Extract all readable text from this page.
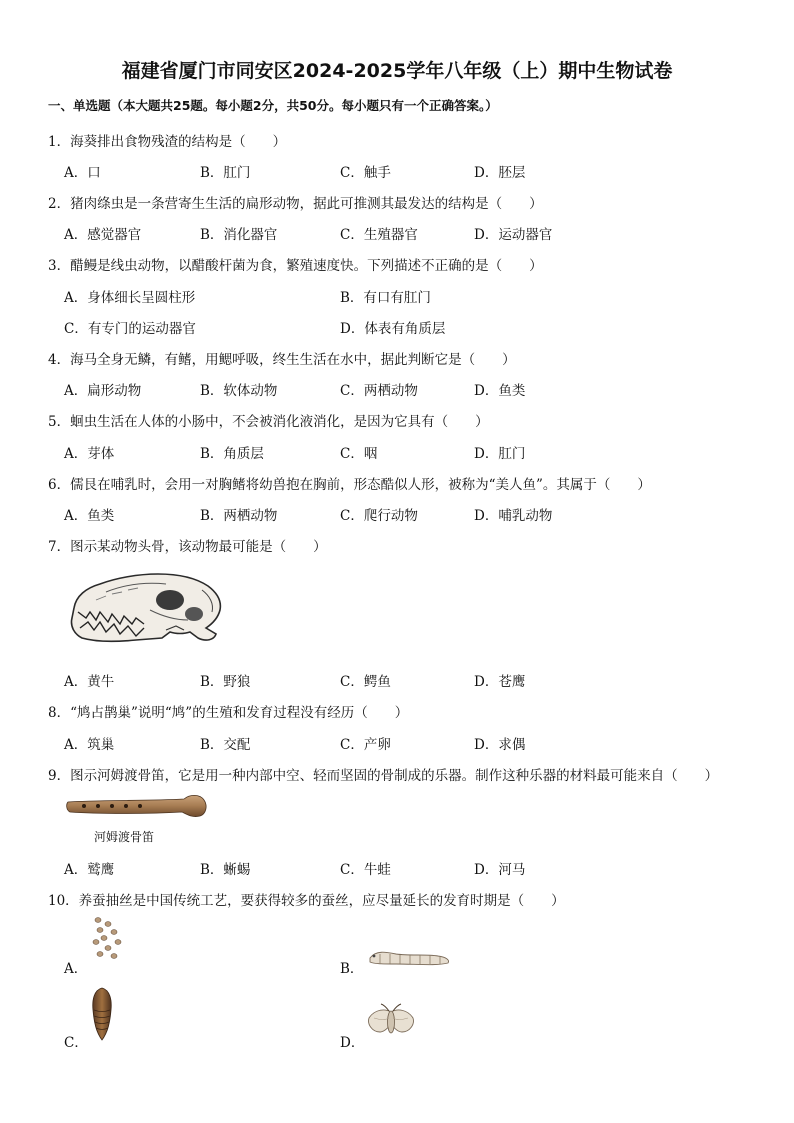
福建省厦门市同安区2024-2025学年八年级（上）期中生物试卷
一、单选题（本大题共25题。每小题2分，共50分。每小题只有一个正确答案。）
1．海葵排出食物残渣的结构是（　　）
A．口	B．肛门	C．触手	D．胚层
2．猪肉绦虫是一条营寄生生活的扁形动物，据此可推测其最发达的结构是（　　）
A．感觉器官	B．消化器官	C．生殖器官	D．运动器官
3．醋鳗是线虫动物，以醋酸杆菌为食，繁殖速度快。下列描述不正确的是（　　）
A．身体细长呈圆柱形	B．有口有肛门
C．有专门的运动器官	D．体表有角质层
4．海马全身无鳞，有鳍，用鳃呼吸，终生生活在水中，据此判断它是（　　）
A．扁形动物	B．软体动物	C．两栖动物	D．鱼类
5．蛔虫生活在人体的小肠中，不会被消化液消化，是因为它具有（　　）
A．芽体	B．角质层	C．咽	D．肛门
6．儒艮在哺乳时，会用一对胸鳍将幼兽抱在胸前，形态酷似人形，被称为“美人鱼”。其属于（　　）
A．鱼类	B．两栖动物	C．爬行动物	D．哺乳动物
7．图示某动物头骨，该动物最可能是（　　）
A．黄牛	B．野狼	C．鳄鱼	D．苍鹰
8．“鸠占鹊巢”说明“鸠”的生殖和发育过程没有经历（　　）
A．筑巢	B．交配	C．产卵	D．求偶
9．图示河姆渡骨笛，它是用一种内部中空、轻而坚固的骨制成的乐器。制作这种乐器的材料最可能来自（　　）
河姆渡骨笛
A．鹫鹰	B．蜥蜴	C．牛蛙	D．河马
10．养蚕抽丝是中国传统工艺，要获得较多的蚕丝，应尽量延长的发育时期是（　　）
A．	B．
C．	D．
